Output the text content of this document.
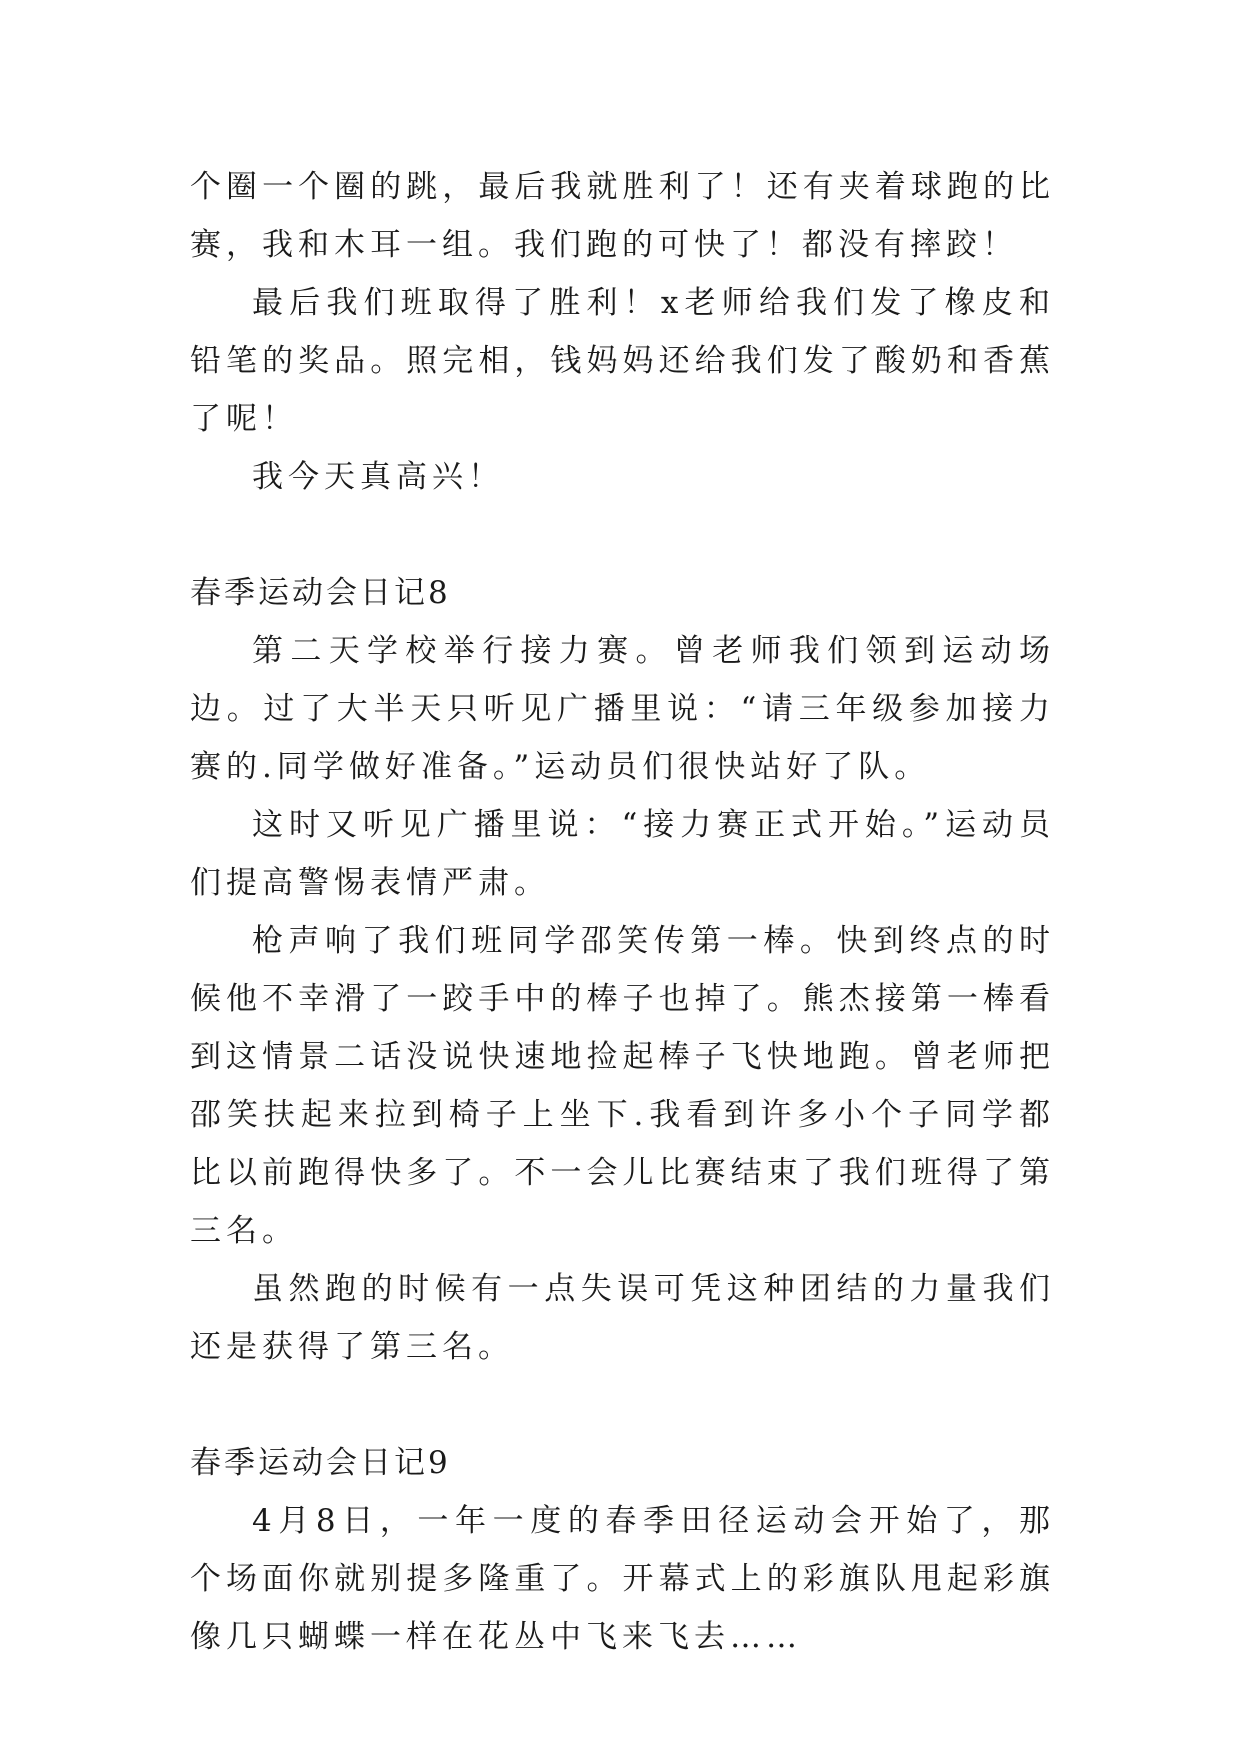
个圈一个圈的跳，最后我就胜利了！还有夹着球跑的比赛，我和木耳一组。我们跑的可快了！都没有摔跤！

最后我们班取得了胜利！x老师给我们发了橡皮和铅笔的奖品。照完相，钱妈妈还给我们发了酸奶和香蕉了呢！

我今天真高兴！

春季运动会日记8

第二天学校举行接力赛。曾老师我们领到运动场边。过了大半天只听见广播里说：“请三年级参加接力赛的.同学做好准备。”运动员们很快站好了队。

这时又听见广播里说：“接力赛正式开始。”运动员们提高警惕表情严肃。

枪声响了我们班同学邵笑传第一棒。快到终点的时候他不幸滑了一跤手中的棒子也掉了。熊杰接第一棒看到这情景二话没说快速地捡起棒子飞快地跑。曾老师把邵笑扶起来拉到椅子上坐下.我看到许多小个子同学都比以前跑得快多了。不一会儿比赛结束了我们班得了第三名。

虽然跑的时候有一点失误可凭这种团结的力量我们还是获得了第三名。

春季运动会日记9

4月8日，一年一度的春季田径运动会开始了，那个场面你就别提多隆重了。开幕式上的彩旗队甩起彩旗像几只蝴蝶一样在花丛中飞来飞去……
